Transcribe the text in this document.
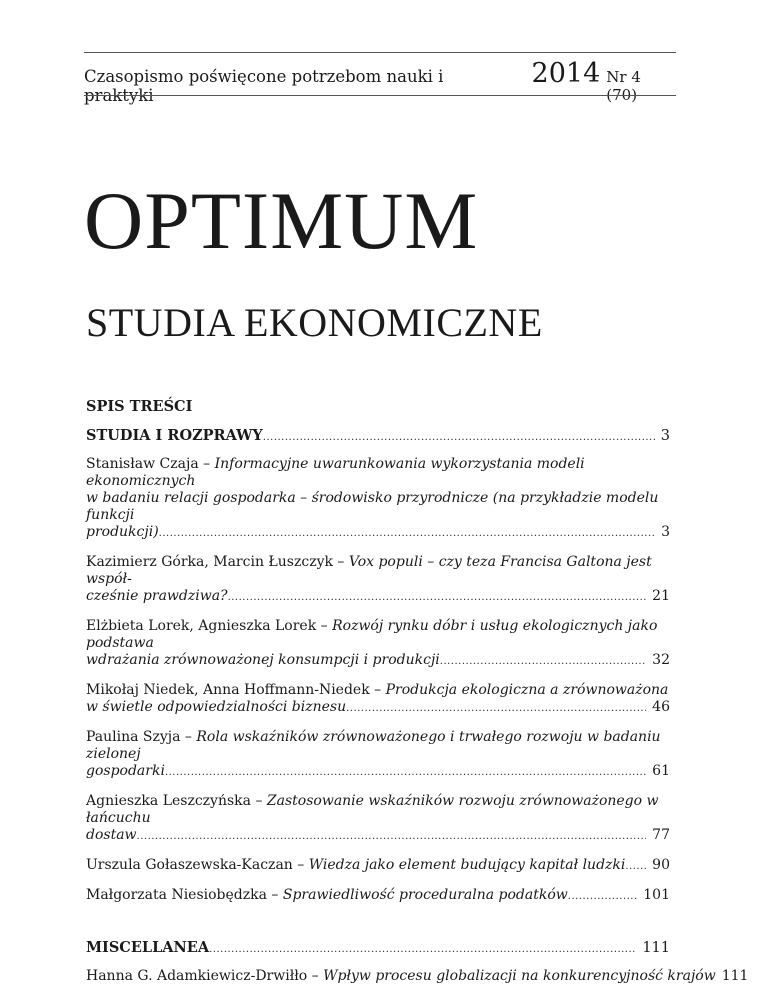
Czasopismo poświęcone potrzebom nauki i praktyki
2014 Nr 4 (70)
OPTIMUM
STUDIA EKONOMICZNE
SPIS TREŚCI
STUDIA I ROZPRAWY .....	3
Stanisław Czaja – Informacyjne uwarunkowania wykorzystania modeli ekonomicznych
w badaniu relacji gospodarka – środowisko przyrodnicze (na przykładzie modelu funkcji
produkcji) .....	3
Kazimierz Górka, Marcin Łuszczyk – Vox populi – czy teza Francisa Galtona jest współ-
cześnie prawdziwa? .....	21
Elżbieta Lorek, Agnieszka Lorek – Rozwój rynku dóbr i usług ekologicznych jako podstawa
wdrażania zrównoważonej konsumpcji i produkcji .....	32
Mikołaj Niedek, Anna Hoffmann-Niedek – Produkcja ekologiczna a zrównoważona
w świetle odpowiedzialności biznesu .....	46
Paulina Szyja – Rola wskaźników zrównoważonego i trwałego rozwoju w badaniu zielonej
gospodarki .....	61
Agnieszka Leszczyńska – Zastosowanie wskaźników rozwoju zrównoważonego w łańcuchu
dostaw .....	77
Urszula Gołaszewska-Kaczan – Wiedza jako element budujący kapitał ludzki .....	90
Małgorzata Niesiobędzka – Sprawiedliwość proceduralna podatków .....	101
MISCELLANEA .....	111
Hanna G. Adamkiewicz-Drwiłło – Wpływ procesu globalizacji na konkurencyjność krajów 111
